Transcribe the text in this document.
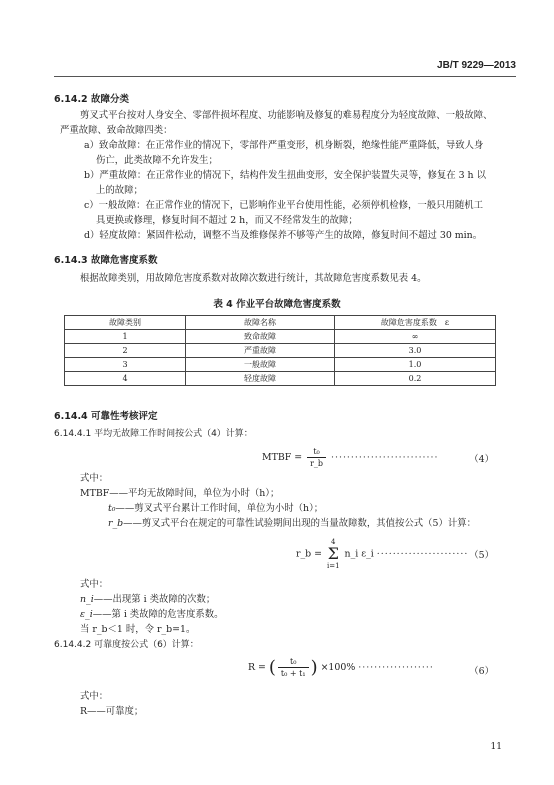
JB/T 9229—2013
6.14.2 故障分类
剪叉式平台按对人身安全、零部件损坏程度、功能影响及修复的难易程度分为轻度故障、一般故障、
严重故障、致命故障四类：
a）致命故障：在正常作业的情况下，零部件严重变形，机身断裂，绝缘性能严重降低，导致人身
伤亡，此类故障不允许发生；
b）严重故障：在正常作业的情况下，结构件发生扭曲变形，安全保护装置失灵等，修复在 3 h 以
上的故障；
c）一般故障：在正常作业的情况下，已影响作业平台使用性能，必须停机检修，一般只用随机工
具更换或修理，修复时间不超过 2 h，而又不经常发生的故障；
d）轻度故障：紧固件松动，调整不当及维修保养不够等产生的故障，修复时间不超过 30 min。
6.14.3 故障危害度系数
根据故障类别，用故障危害度系数对故障次数进行统计，其故障危害度系数见表 4。
表 4 作业平台故障危害度系数
故障类别	故障名称	故障危害度系数　ε
1	致命故障	∞
2	严重故障	3.0
3	一般故障	1.0
4	轻度故障	0.2
6.14.4 可靠性考核评定
6.14.4.1 平均无故障工作时间按公式（4）计算：
MTBF = $\frac{\text{t₀}}{r\_b}$ ···························	（4）
式中：
MTBF——平均无故障时间，单位为小时（h）；
t₀——剪叉式平台累计工作时间，单位为小时（h）；
r_b——剪叉式平台在规定的可靠性试验期间出现的当量故障数，其值按公式（5）计算：
r_b = 4
Σ
i=1 n_i ε_i ······················· （5）
式中：
n_i——出现第 i 类故障的次数；
ε_i——第 i 类故障的危害度系数。
当 r_b＜1 时，令 r_b=1。
6.14.4.2 可靠度按公式（6）计算：
R = ( $\frac{\text{t₀}}{\text{t₀ + t₁}}$ ) ×100% ···················	（6）
式中：
R——可靠度；
11
